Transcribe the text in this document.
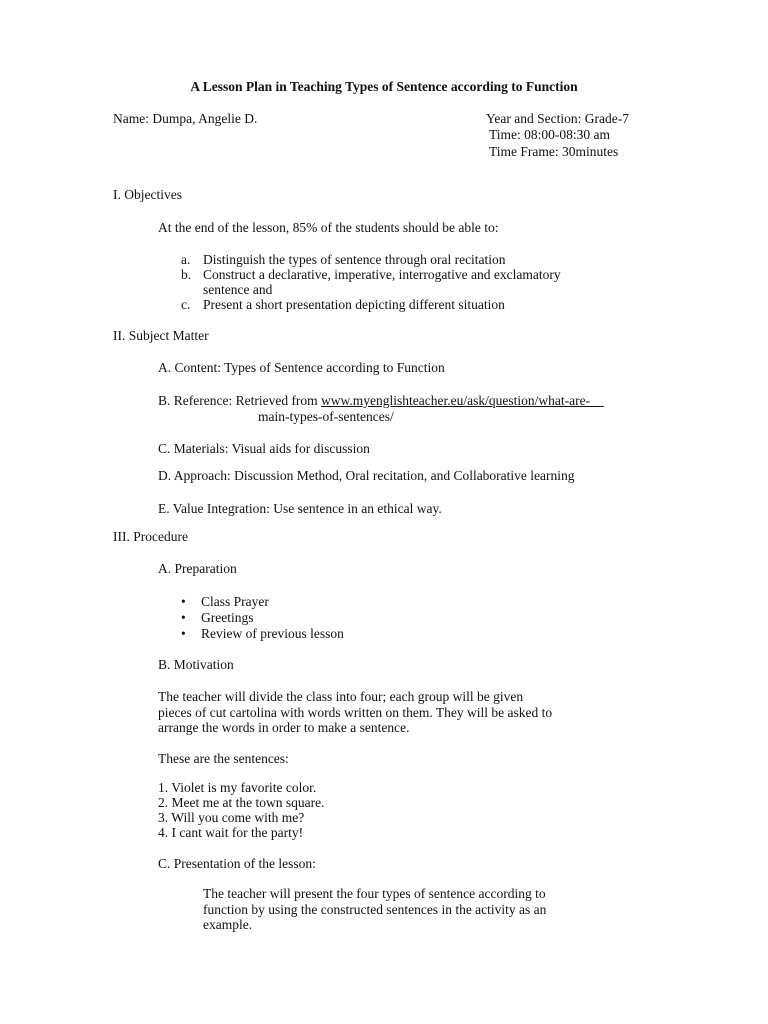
A Lesson Plan in Teaching Types of Sentence according to Function
Name: Dumpa, Angelie D.	Year and Section: Grade-7
Time: 08:00-08:30 am
Time Frame: 30minutes
I. Objectives
At the end of the lesson, 85% of the students should be able to:
a. Distinguish the types of sentence through oral recitation
b. Construct a declarative, imperative, interrogative and exclamatory
sentence and
c. Present a short presentation depicting different situation
II. Subject Matter
A. Content: Types of Sentence according to Function
B. Reference: Retrieved from www.myenglishteacher.eu/ask/question/what-are-
main-types-of-sentences/
C. Materials: Visual aids for discussion
D. Approach: Discussion Method, Oral recitation, and Collaborative learning
E. Value Integration: Use sentence in an ethical way.
III. Procedure
A. Preparation
• Class Prayer
• Greetings
• Review of previous lesson
B. Motivation
The teacher will divide the class into four; each group will be given
pieces of cut cartolina with words written on them. They will be asked to
arrange the words in order to make a sentence.
These are the sentences:
1. Violet is my favorite color.
2. Meet me at the town square.
3. Will you come with me?
4. I cant wait for the party!
C. Presentation of the lesson:
The teacher will present the four types of sentence according to
function by using the constructed sentences in the activity as an
example.
